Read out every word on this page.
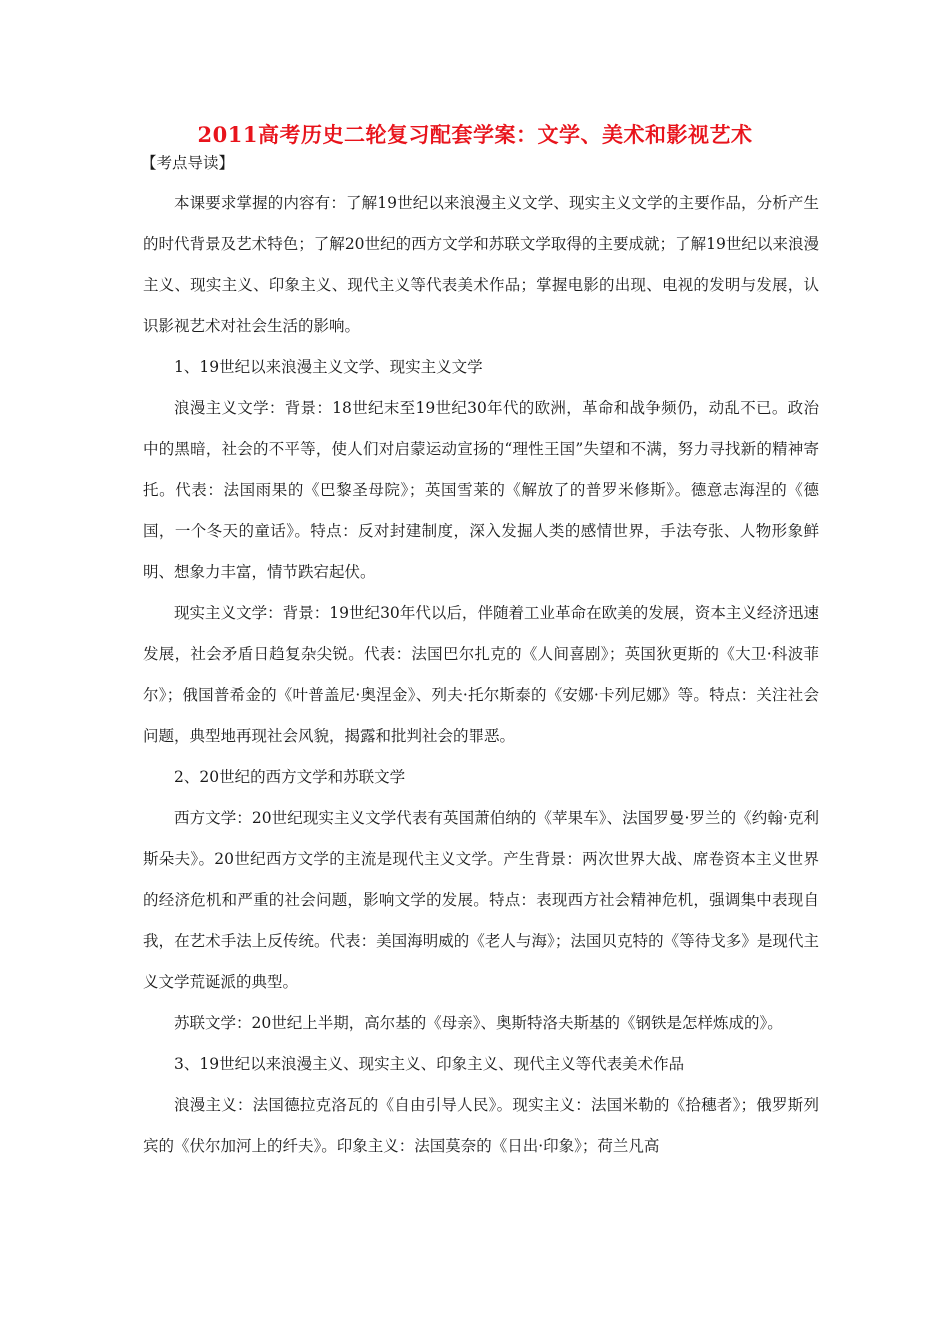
2011高考历史二轮复习配套学案：文学、美术和影视艺术
【考点导读】

本课要求掌握的内容有：了解19世纪以来浪漫主义文学、现实主义文学的主要作品，分析产生的时代背景及艺术特色；了解20世纪的西方文学和苏联文学取得的主要成就；了解19世纪以来浪漫主义、现实主义、印象主义、现代主义等代表美术作品；掌握电影的出现、电视的发明与发展，认识影视艺术对社会生活的影响。

1、19世纪以来浪漫主义文学、现实主义文学

浪漫主义文学：背景：18世纪末至19世纪30年代的欧洲，革命和战争频仍，动乱不已。政治中的黑暗，社会的不平等，使人们对启蒙运动宣扬的“理性王国”失望和不满，努力寻找新的精神寄托。代表：法国雨果的《巴黎圣母院》；英国雪莱的《解放了的普罗米修斯》。德意志海涅的《德国，一个冬天的童话》。特点：反对封建制度，深入发掘人类的感情世界，手法夸张、人物形象鲜明、想象力丰富，情节跌宕起伏。

现实主义文学：背景：19世纪30年代以后，伴随着工业革命在欧美的发展，资本主义经济迅速发展，社会矛盾日趋复杂尖锐。代表：法国巴尔扎克的《人间喜剧》；英国狄更斯的《大卫·科波菲尔》；俄国普希金的《叶普盖尼·奥涅金》、列夫·托尔斯泰的《安娜·卡列尼娜》等。特点：关注社会问题，典型地再现社会风貌，揭露和批判社会的罪恶。

2、20世纪的西方文学和苏联文学

西方文学：20世纪现实主义文学代表有英国萧伯纳的《苹果车》、法国罗曼·罗兰的《约翰·克利斯朵夫》。20世纪西方文学的主流是现代主义文学。产生背景：两次世界大战、席卷资本主义世界的经济危机和严重的社会问题，影响文学的发展。特点：表现西方社会精神危机，强调集中表现自我，在艺术手法上反传统。代表：美国海明威的《老人与海》；法国贝克特的《等待戈多》是现代主义文学荒诞派的典型。

苏联文学：20世纪上半期，高尔基的《母亲》、奥斯特洛夫斯基的《钢铁是怎样炼成的》。

3、19世纪以来浪漫主义、现实主义、印象主义、现代主义等代表美术作品

浪漫主义：法国德拉克洛瓦的《自由引导人民》。现实主义：法国米勒的《拾穗者》；俄罗斯列宾的《伏尔加河上的纤夫》。印象主义：法国莫奈的《日出·印象》；荷兰凡高
